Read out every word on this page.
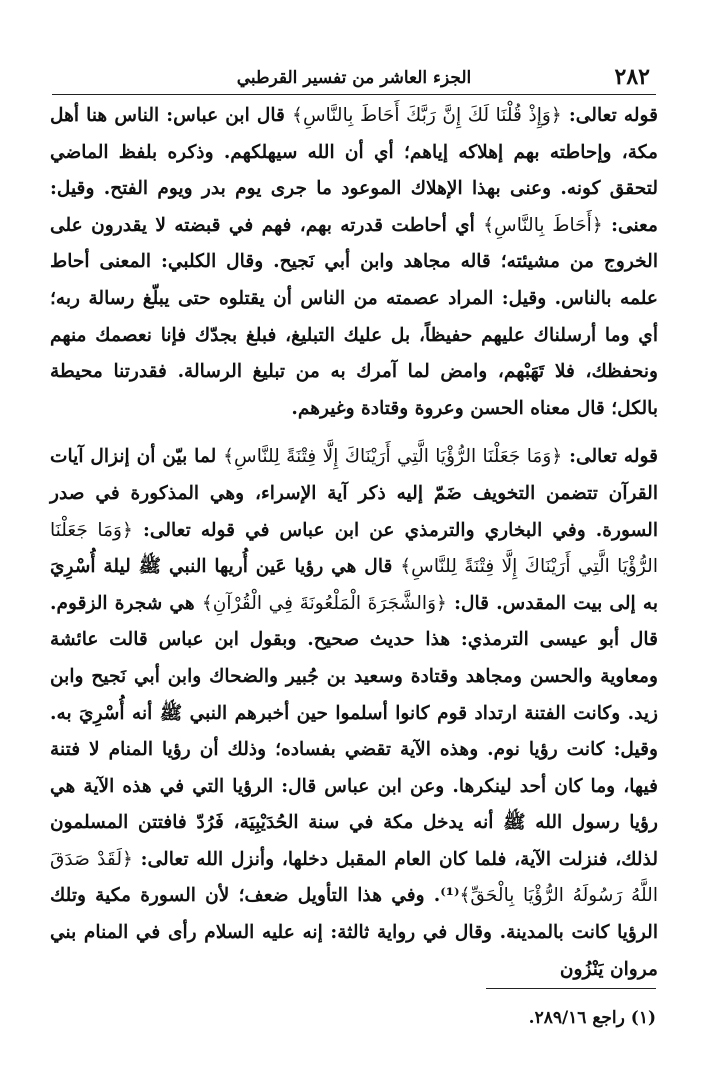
٢٨٢
الجزء العاشر من تفسير القرطبي

قوله تعالى: ﴿وَإِذْ قُلْنَا لَكَ إِنَّ رَبَّكَ أَحَاطَ بِالنَّاسِ﴾ قال ابن عباس: الناس هنا أهل مكة، وإحاطته بهم إهلاكه إياهم؛ أي أن الله سيهلكهم. وذكره بلفظ الماضي لتحقق كونه. وعنى بهذا الإهلاك الموعود ما جرى يوم بدر ويوم الفتح. وقيل: معنى: ﴿أَحَاطَ بِالنَّاسِ﴾ أي أحاطت قدرته بهم، فهم في قبضته لا يقدرون على الخروج من مشيئته؛ قاله مجاهد وابن أبي نَجيح. وقال الكلبي: المعنى أحاط علمه بالناس. وقيل: المراد عصمته من الناس أن يقتلوه حتى يبلّغ رسالة ربه؛ أي وما أرسلناك عليهم حفيظاً، بل عليك التبليغ، فبلغ بجدّك فإنا نعصمك منهم ونحفظك، فلا تَهَبْهم، وامض لما آمرك به من تبليغ الرسالة. فقدرتنا محيطة بالكل؛ قال معناه الحسن وعروة وقتادة وغيرهم.

قوله تعالى: ﴿وَمَا جَعَلْنَا الرُّؤْيَا الَّتِي أَرَيْنَاكَ إِلَّا فِتْنَةً لِلنَّاسِ﴾ لما بيّن أن إنزال آيات القرآن تتضمن التخويف ضَمّ إليه ذكر آية الإسراء، وهي المذكورة في صدر السورة. وفي البخاري والترمذي عن ابن عباس في قوله تعالى: ﴿وَمَا جَعَلْنَا الرُّؤْيَا الَّتِي أَرَيْنَاكَ إِلَّا فِتْنَةً لِلنَّاسِ﴾ قال هي رؤيا عَين أُريها النبي ﷺ ليلة أُسْرِيَ به إلى بيت المقدس. قال: ﴿وَالشَّجَرَةَ الْمَلْعُونَةَ فِي الْقُرْآنِ﴾ هي شجرة الزقوم. قال أبو عيسى الترمذي: هذا حديث صحيح. وبقول ابن عباس قالت عائشة ومعاوية والحسن ومجاهد وقتادة وسعيد بن جُبير والضحاك وابن أبي نَجيح وابن زيد. وكانت الفتنة ارتداد قوم كانوا أسلموا حين أخبرهم النبي ﷺ أنه أُسْرِيَ به. وقيل: كانت رؤيا نوم. وهذه الآية تقضي بفساده؛ وذلك أن رؤيا المنام لا فتنة فيها، وما كان أحد لينكرها. وعن ابن عباس قال: الرؤيا التي في هذه الآية هي رؤيا رسول الله ﷺ أنه يدخل مكة في سنة الحُدَيْبِيَة، فَرُدّ فافتتن المسلمون لذلك، فنزلت الآية، فلما كان العام المقبل دخلها، وأنزل الله تعالى: ﴿لَقَدْ صَدَقَ اللَّهُ رَسُولَهُ الرُّؤْيَا بِالْحَقِّ﴾⁽¹⁾. وفي هذا التأويل ضعف؛ لأن السورة مكية وتلك الرؤيا كانت بالمدينة. وقال في رواية ثالثة: إنه عليه السلام رأى في المنام بني مروان يَنْزُون

(١) راجع ٢٨٩/١٦.
